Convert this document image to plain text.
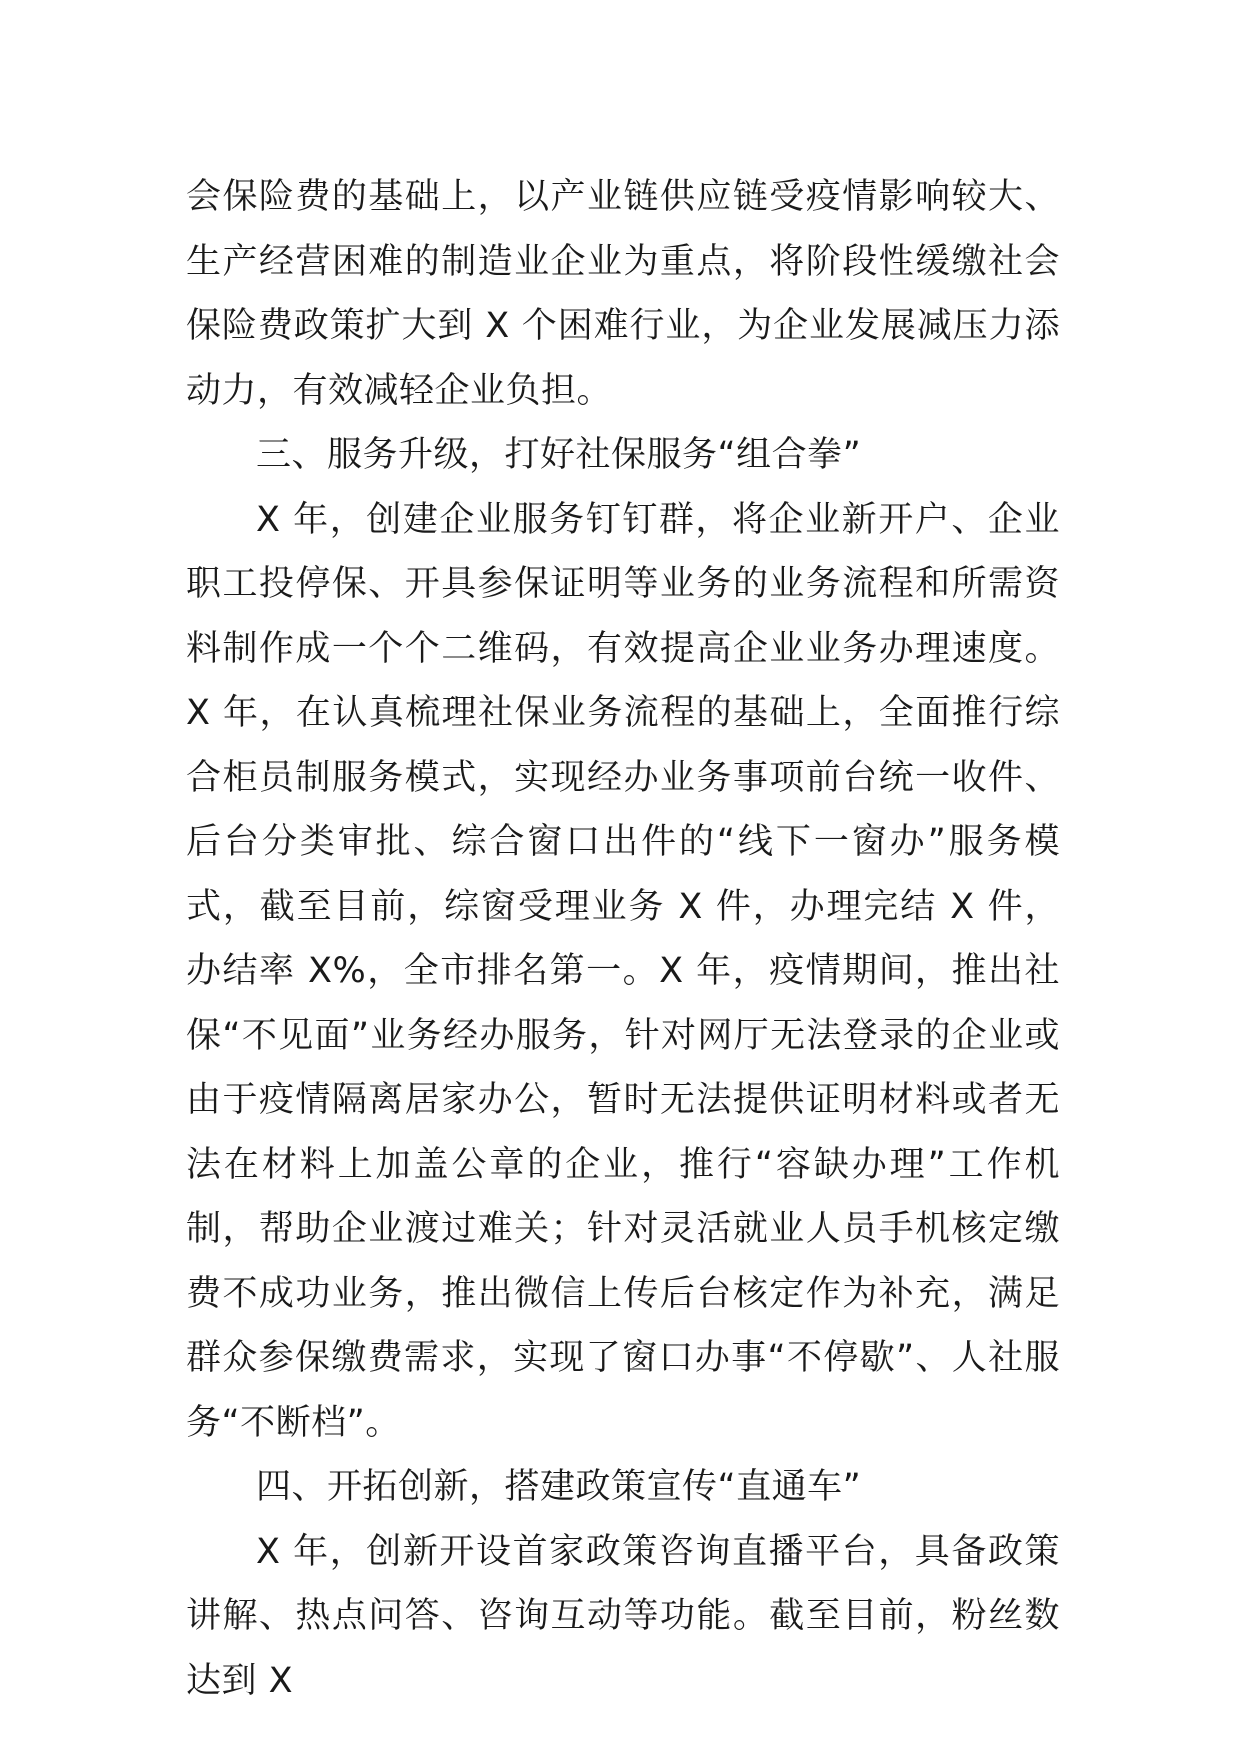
会保险费的基础上，以产业链供应链受疫情影响较大、生产经营困难的制造业企业为重点，将阶段性缓缴社会保险费政策扩大到 X 个困难行业，为企业发展减压力添动力，有效减轻企业负担。

三、服务升级，打好社保服务“组合拳”

X 年，创建企业服务钉钉群，将企业新开户、企业职工投停保、开具参保证明等业务的业务流程和所需资料制作成一个个二维码，有效提高企业业务办理速度。X 年，在认真梳理社保业务流程的基础上，全面推行综合柜员制服务模式，实现经办业务事项前台统一收件、后台分类审批、综合窗口出件的“线下一窗办”服务模式，截至目前，综窗受理业务 X 件，办理完结 X 件，办结率 X%，全市排名第一。X 年，疫情期间，推出社保“不见面”业务经办服务，针对网厅无法登录的企业或由于疫情隔离居家办公，暂时无法提供证明材料或者无法在材料上加盖公章的企业，推行“容缺办理”工作机制，帮助企业渡过难关；针对灵活就业人员手机核定缴费不成功业务，推出微信上传后台核定作为补充，满足群众参保缴费需求，实现了窗口办事“不停歇”、人社服务“不断档”。

四、开拓创新，搭建政策宣传“直通车”

X 年，创新开设首家政策咨询直播平台，具备政策讲解、热点问答、咨询互动等功能。截至目前，粉丝数达到 X
